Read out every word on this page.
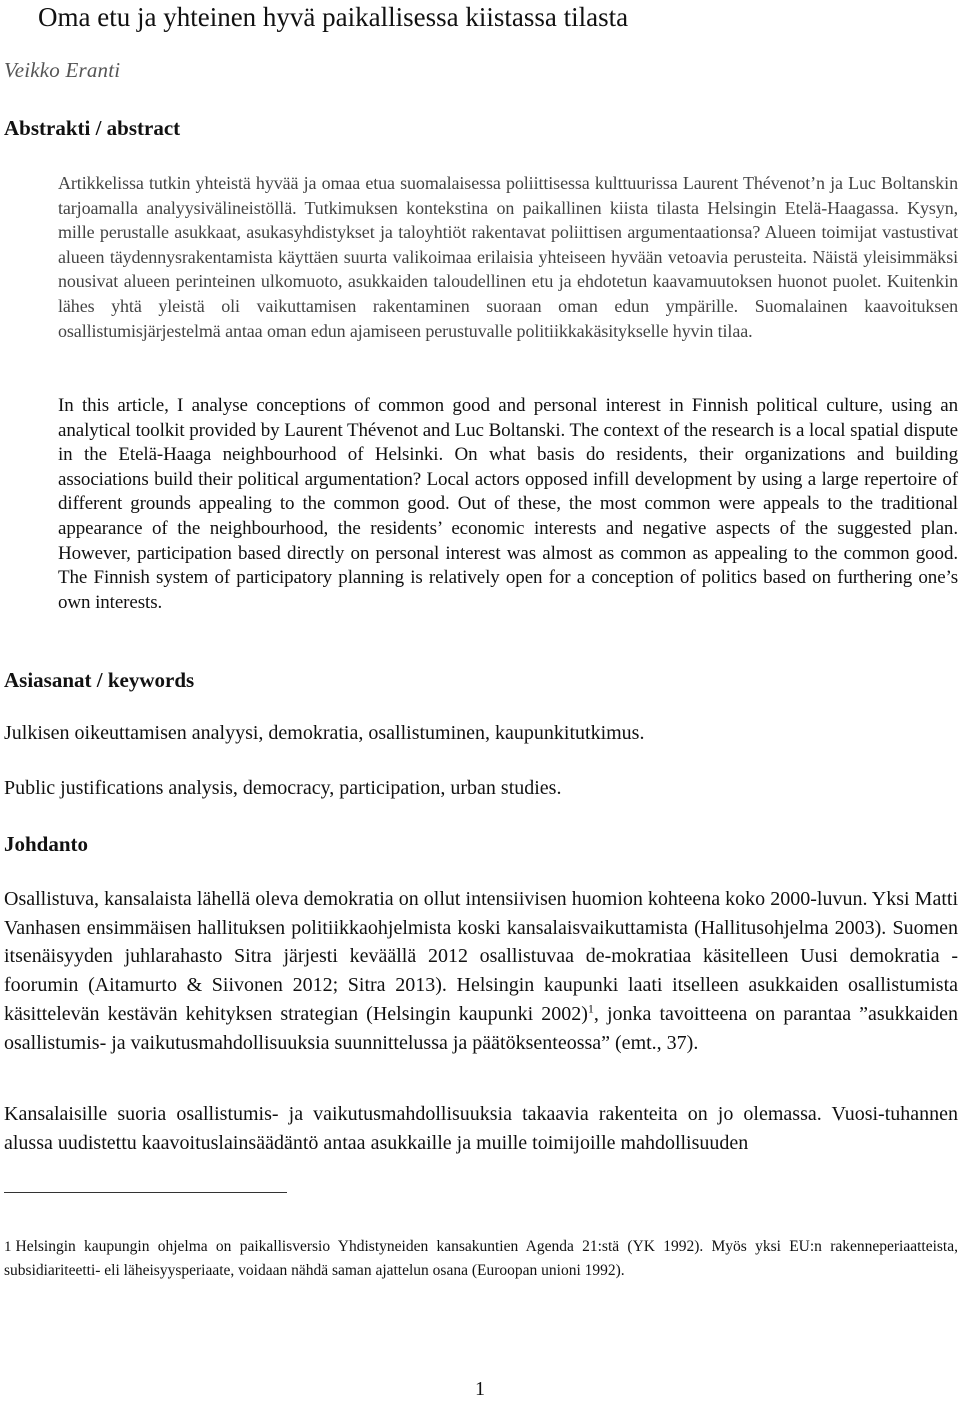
Oma etu ja yhteinen hyvä paikallisessa kiistassa tilasta
Veikko Eranti
Abstrakti / abstract

Artikkelissa tutkin yhteistä hyvää ja omaa etua suomalaisessa poliittisessa kulttuurissa Laurent Thévenot’n ja Luc Boltanskin tarjoamalla analyysivälineistöllä. Tutkimuksen kontekstina on paikallinen kiista tilasta Helsingin Etelä-Haagassa. Kysyn, mille perustalle asukkaat, asukasyhdistykset ja taloyhtiöt rakentavat poliittisen argumentaationsa? Alueen toimijat vastustivat alueen täydennysrakentamista käyttäen suurta valikoimaa erilaisia yhteiseen hyvään vetoavia perusteita. Näistä yleisimmäksi nousivat alueen perinteinen ulkomuoto, asukkaiden taloudellinen etu ja ehdotetun kaavamuutoksen huonot puolet. Kuitenkin lähes yhtä yleistä oli vaikuttamisen rakentaminen suoraan oman edun ympärille. Suomalainen kaavoituksen osallistumisjärjestelmä antaa oman edun ajamiseen perustuvalle politiikkakäsitykselle hyvin tilaa.

In this article, I analyse conceptions of common good and personal interest in Finnish political culture, using an analytical toolkit provided by Laurent Thévenot and Luc Boltanski. The context of the research is a local spatial dispute in the Etelä-Haaga neighbourhood of Helsinki. On what basis do residents, their organizations and building associations build their political argumentation? Local actors opposed infill development by using a large repertoire of different grounds appealing to the common good. Out of these, the most common were appeals to the traditional appearance of the neighbourhood, the residents’ economic interests and negative aspects of the suggested plan. However, participation based directly on personal interest was almost as common as appealing to the common good. The Finnish system of participatory planning is relatively open for a conception of politics based on furthering one’s own interests.

Asiasanat / keywords

Julkisen oikeuttamisen analyysi, demokratia, osallistuminen, kaupunkitutkimus.

Public justifications analysis, democracy, participation, urban studies.

Johdanto

Osallistuva, kansalaista lähellä oleva demokratia on ollut intensiivisen huomion kohteena koko 2000-luvun. Yksi Matti Vanhasen ensimmäisen hallituksen politiikkaohjelmista koski kansalaisvaikuttamista (Hallitusohjelma 2003). Suomen itsenäisyyden juhlarahasto Sitra järjesti keväällä 2012 osallistuvaa de-mokratiaa käsitelleen Uusi demokratia -foorumin (Aitamurto & Siivonen 2012; Sitra 2013). Helsingin kaupunki laati itselleen asukkaiden osallistumista käsittelevän kestävän kehityksen strategian (Helsingin kaupunki 2002)$^1$, jonka tavoitteena on parantaa ”asukkaiden osallistumis- ja vaikutusmahdollisuuksia suunnittelussa ja päätöksenteossa” (emt., 37).

Kansalaisille suoria osallistumis- ja vaikutusmahdollisuuksia takaavia rakenteita on jo olemassa. Vuosi-tuhannen alussa uudistettu kaavoituslainsäädäntö antaa asukkaille ja muille toimijoille mahdollisuuden

1 Helsingin kaupungin ohjelma on paikallisversio Yhdistyneiden kansakuntien Agenda 21:stä (YK 1992). Myös yksi EU:n rakenneperiaatteista, subsidiariteetti- eli läheisyysperiaate, voidaan nähdä saman ajattelun osana (Euroopan unioni 1992).

1
